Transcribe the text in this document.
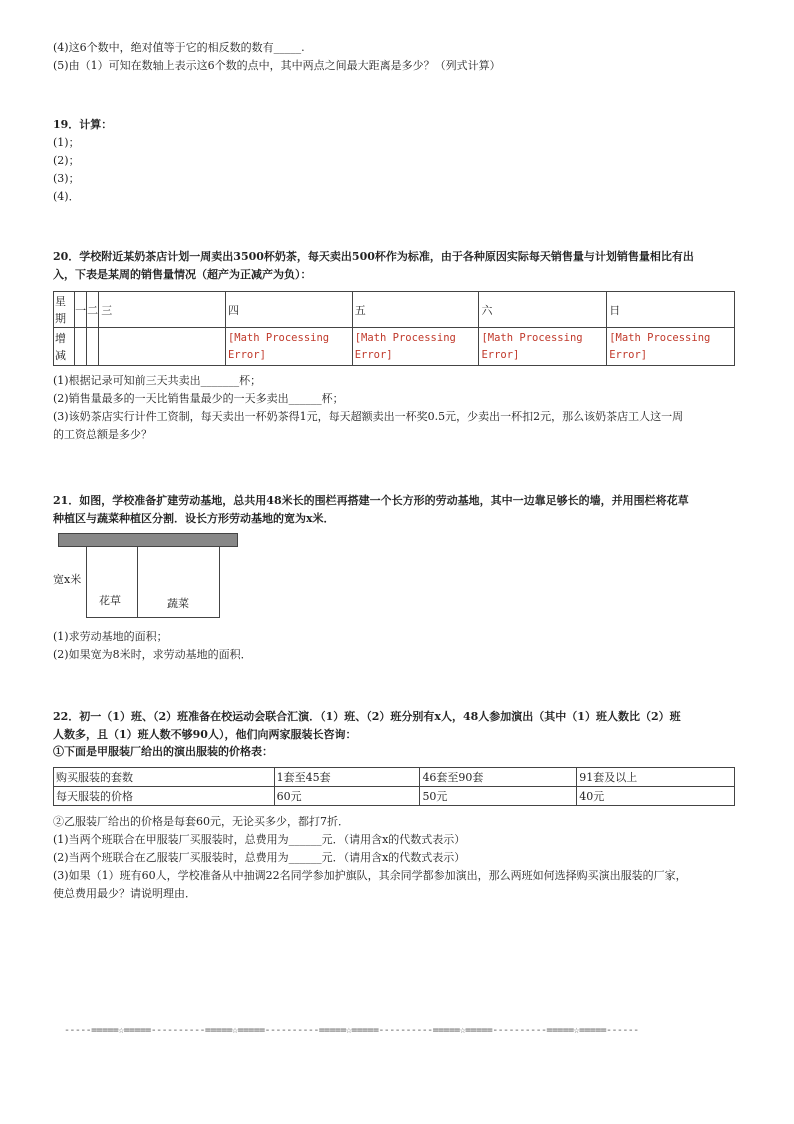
(4)这6个数中，绝对值等于它的相反数的数有_____.
(5)由（1）可知在数轴上表示这6个数的点中，其中两点之间最大距离是多少？（列式计算）
19．计算：
(1)；
(2)；
(3)；
(4)．
20．学校附近某奶茶店计划一周卖出3500杯奶茶，每天卖出500杯作为标准，由于各种原因实际每天销售量与计划销售量相比有出
入，下表是某周的销售量情况（超产为正减产为负）：
星期	一	二	三	四	五	六	日
增减				[Math Processing Error]	[Math Processing Error]	[Math Processing Error]	[Math Processing Error]
(1)根据记录可知前三天共卖出_______杯；
(2)销售量最多的一天比销售量最少的一天多卖出______杯；
(3)该奶茶店实行计件工资制，每天卖出一杯奶茶得1元，每天超额卖出一杯奖0.5元，少卖出一杯扣2元，那么该奶茶店工人这一周
的工资总额是多少？
21．如图，学校准备扩建劳动基地，总共用48米长的围栏再搭建一个长方形的劳动基地，其中一边靠足够长的墙，并用围栏将花草
种植区与蔬菜种植区分割．设长方形劳动基地的宽为x米．
宽x米
花草	蔬菜
(1)求劳动基地的面积；
(2)如果宽为8米时，求劳动基地的面积．
22．初一（1）班、（2）班准备在校运动会联合汇演．（1）班、（2）班分别有x人，48人参加演出（其中（1）班人数比（2）班
人数多，且（1）班人数不够90人），他们向两家服装长咨询：
①下面是甲服装厂给出的演出服装的价格表：
购买服装的套数	1套至45套	46套至90套	91套及以上
每天服装的价格	60元	50元	40元
②乙服装厂给出的价格是每套60元，无论买多少，都打7折．
(1)当两个班联合在甲服装厂买服装时，总费用为______元．（请用含x的代数式表示）
(2)当两个班联合在乙服装厂买服装时，总费用为______元．（请用含x的代数式表示）
(3)如果（1）班有60人，学校准备从中抽调22名同学参加护旗队，其余同学都参加演出，那么两班如何选择购买演出服装的厂家，
使总费用最少？请说明理由．
-----=====☆=====----------=====☆=====----------=====☆=====----------=====☆=====----------=====☆=====------
